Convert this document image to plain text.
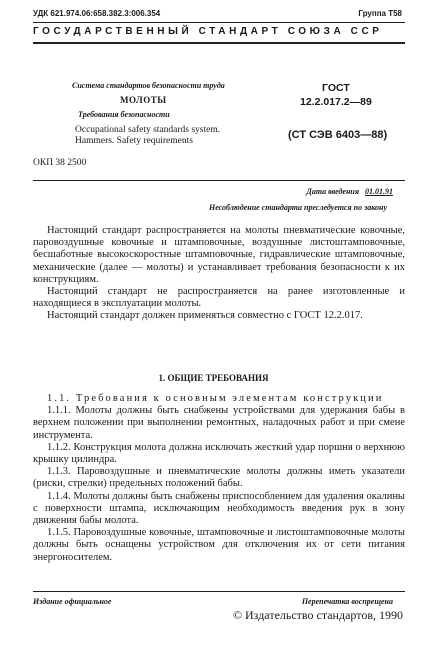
УДК 621.974.06:658.382.3:006.354	Группа Т58
ГОСУДАРСТВЕННЫЙ СТАНДАРТ СОЮЗА ССР
Система стандартов безопасности труда
МОЛОТЫ
Требования безопасности
Occupational safety standards system.
Hammers. Safety requirements
ГОСТ
12.2.017.2—89
(СТ СЭВ 6403—88)
ОКП 38 2500
Дата введения 01.01.91
Несоблюдение стандарта преследуется по закону

Настоящий стандарт распространяется на молоты пневматические ковочные, паровоздушные ковочные и штамповочные, воздушные листоштамповочные, бесшаботные высокоскоростные штамповочные, гидравлические штамповочные, механические (далее — молоты) и устанавливает требования безопасности к их конструкциям.

Настоящий стандарт не распространяется на ранее изготовленные и находящиеся в эксплуатации молоты.

Настоящий стандарт должен применяться совместно с ГОСТ 12.2.017.

1. ОБЩИЕ ТРЕБОВАНИЯ

1.1. Требования к основным элементам конструкции

1.1.1. Молоты должны быть снабжены устройствами для удержания бабы в верхнем положении при выполнении ремонтных, наладочных работ и при смене инструмента.

1.1.2. Конструкция молота должна исключать жесткий удар поршня о верхнюю крышку цилиндра.

1.1.3. Паровоздушные и пневматические молоты должны иметь указатели (риски, стрелки) предельных положений бабы.

1.1.4. Молоты должны быть снабжены приспособлением для удаления окалины с поверхности штампа, исключающим необходимость введения рук в зону движения бабы молота.

1.1.5. Паровоздушные ковочные, штамповочные и листоштамповочные молоты должны быть оснащены устройством для отключения их от сети питания энергоносителем.

Издание официальное	Перепечатка воспрещена
© Издательство стандартов, 1990
